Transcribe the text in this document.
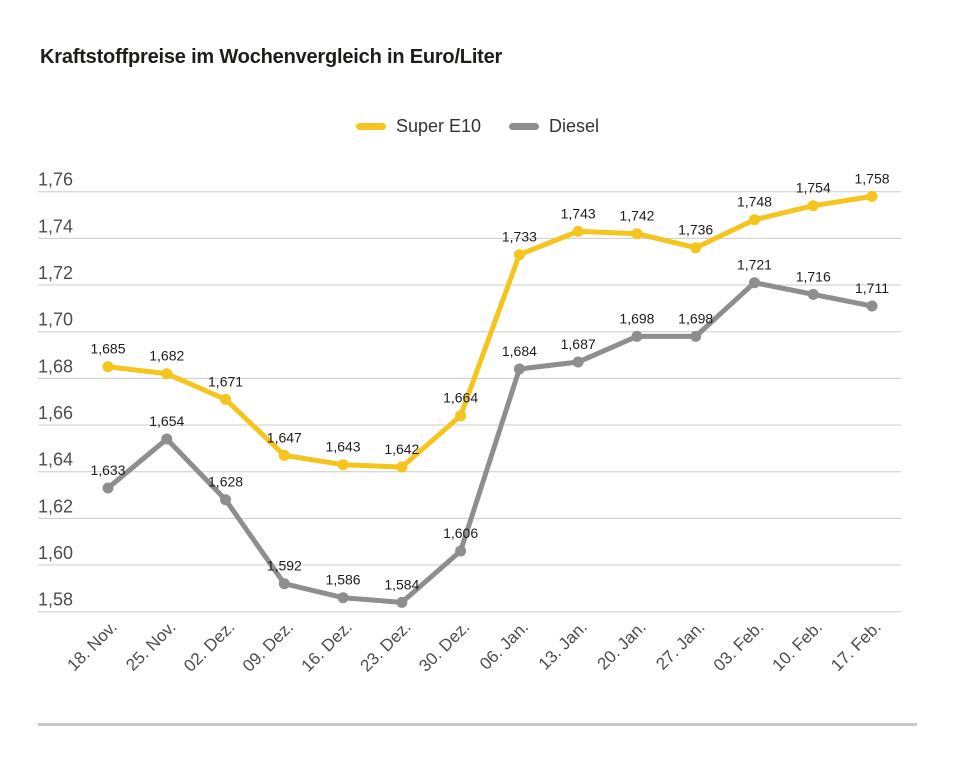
Kraftstoffpreise im Wochenvergleich in Euro/Liter
Super E10	Diesel
1,58
1,60
1,62
1,64
1,66
1,68
1,70
1,72
1,74
1,76
18. Nov. 25. Nov. 02. Dez. 09. Dez. 16. Dez. 23. Dez. 30. Dez. 06. Jan. 13. Jan. 20. Jan. 27. Jan. 03. Feb. 10. Feb. 17. Feb.
1,685 1,682
1,671
1,647
1,643 1,642
1,664
1,733
1,743 1,742
1,736
1,748
1,754
1,758
1,633
1,654
1,628
1,592
1,586 1,584
1,606
1,684 1,687
1,698 1,698
1,721
1,716
1,711
